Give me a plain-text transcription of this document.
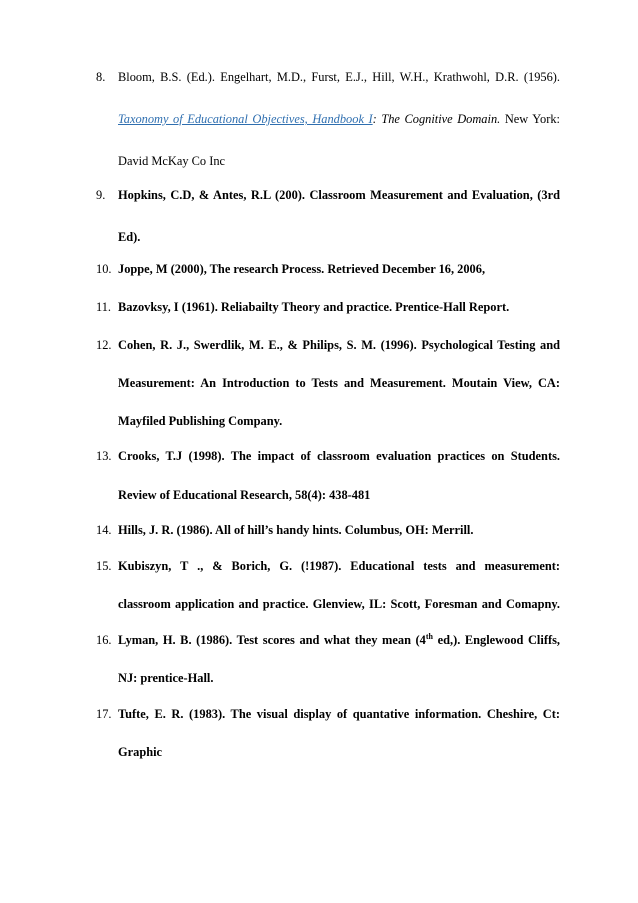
8.	Bloom, B.S. (Ed.). Engelhart, M.D., Furst, E.J., Hill, W.H., Krathwohl, D.R. (1956).
Taxonomy of Educational Objectives, Handbook I: The Cognitive Domain. New York:
David McKay Co Inc
9.	Hopkins, C.D, & Antes, R.L (200). Classroom Measurement and Evaluation, (3rd
Ed).
10. Joppe, M (2000), The research Process. Retrieved December 16, 2006,
11. Bazovksy, I (1961). Reliabailty Theory and practice. Prentice-Hall Report.
12. Cohen, R. J., Swerdlik, M. E., & Philips, S. M. (1996). Psychological Testing and
Measurement: An Introduction to Tests and Measurement. Moutain View, CA:
Mayfiled Publishing Company.
13. Crooks, T.J (1998). The impact of classroom evaluation practices on Students.
Review of Educational Research, 58(4): 438-481
14. Hills, J. R. (1986). All of hill’s handy hints. Columbus, OH: Merrill.
15. Kubiszyn, T ., & Borich, G. (!1987). Educational tests and measurement:
classroom application and practice. Glenview, IL: Scott, Foresman and Comapny.
16. Lyman, H. B. (1986). Test scores and what they mean (4th ed,). Englewood Cliffs,
NJ: prentice-Hall.
17. Tufte, E. R. (1983). The visual display of quantative information. Cheshire, Ct:
Graphic
